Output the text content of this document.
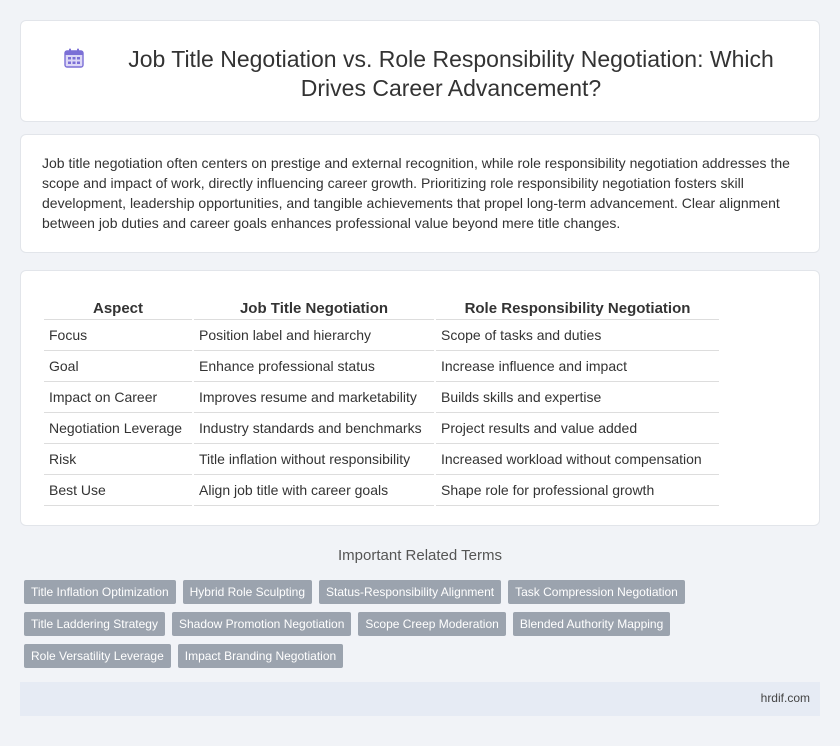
Job Title Negotiation vs. Role Responsibility Negotiation: Which
Drives Career Advancement?

Job title negotiation often centers on prestige and external recognition, while role responsibility negotiation addresses the scope and impact of work, directly influencing career growth. Prioritizing role responsibility negotiation fosters skill development, leadership opportunities, and tangible achievements that propel long-term advancement. Clear alignment between job duties and career goals enhances professional value beyond mere title changes.

Aspect	Job Title Negotiation	Role Responsibility Negotiation
Focus	Position label and hierarchy	Scope of tasks and duties
Goal	Enhance professional status	Increase influence and impact
Impact on Career	Improves resume and marketability	Builds skills and expertise
Negotiation Leverage	Industry standards and benchmarks	Project results and value added
Risk	Title inflation without responsibility	Increased workload without compensation
Best Use	Align job title with career goals	Shape role for professional growth
Important Related Terms
Title Inflation Optimization	Hybrid Role Sculpting	Status-Responsibility Alignment	Task Compression Negotiation
Title Laddering Strategy	Shadow Promotion Negotiation	Scope Creep Moderation	Blended Authority Mapping
Role Versatility Leverage	Impact Branding Negotiation
hrdif.com
